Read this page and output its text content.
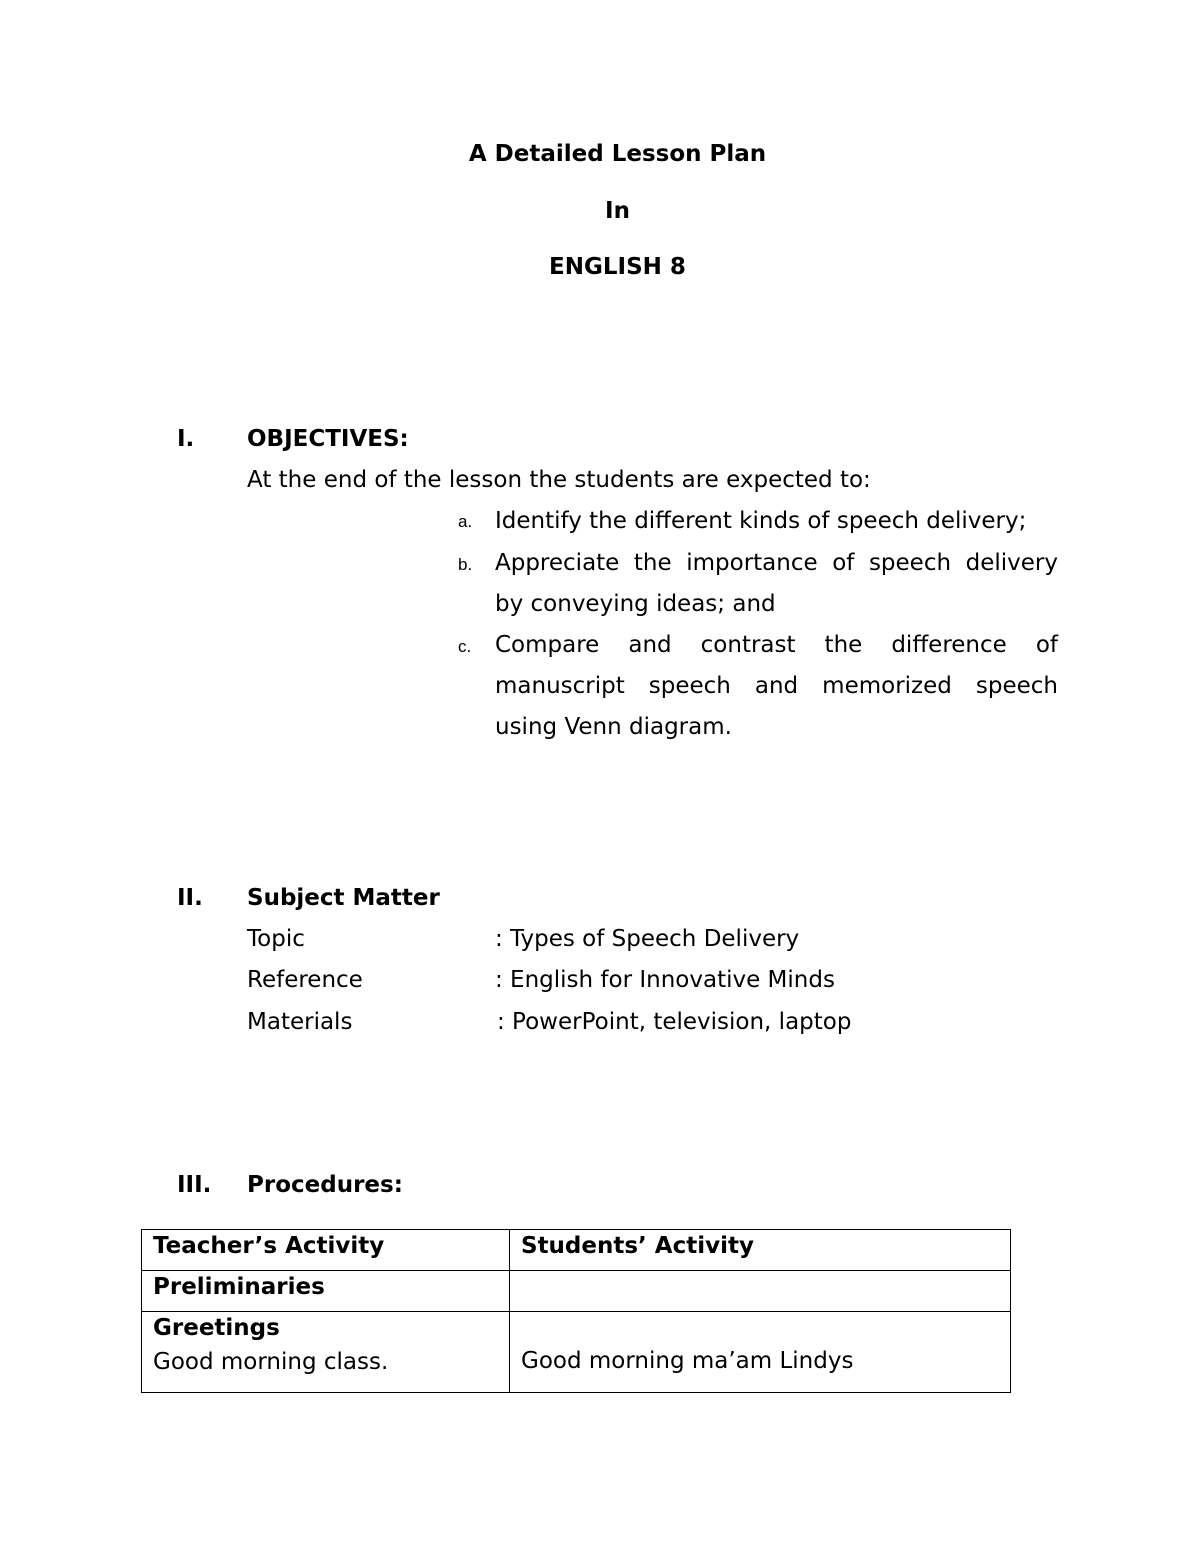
A Detailed Lesson Plan
In
ENGLISH 8
I. OBJECTIVES:
At the end of the lesson the students are expected to:
a. Identify the different kinds of speech delivery;
b. Appreciate the importance of speech delivery
by conveying ideas; and
c. Compare and contrast the difference of
manuscript speech and memorized speech
using Venn diagram.
II. Subject Matter
Topic	: Types of Speech Delivery
Reference	: English for Innovative Minds
Materials	: PowerPoint, television, laptop
III. Procedures:
Teacher’s Activity	Students’ Activity
Preliminaries	

Greetings
Good morning class.	Good morning ma’am Lindys
